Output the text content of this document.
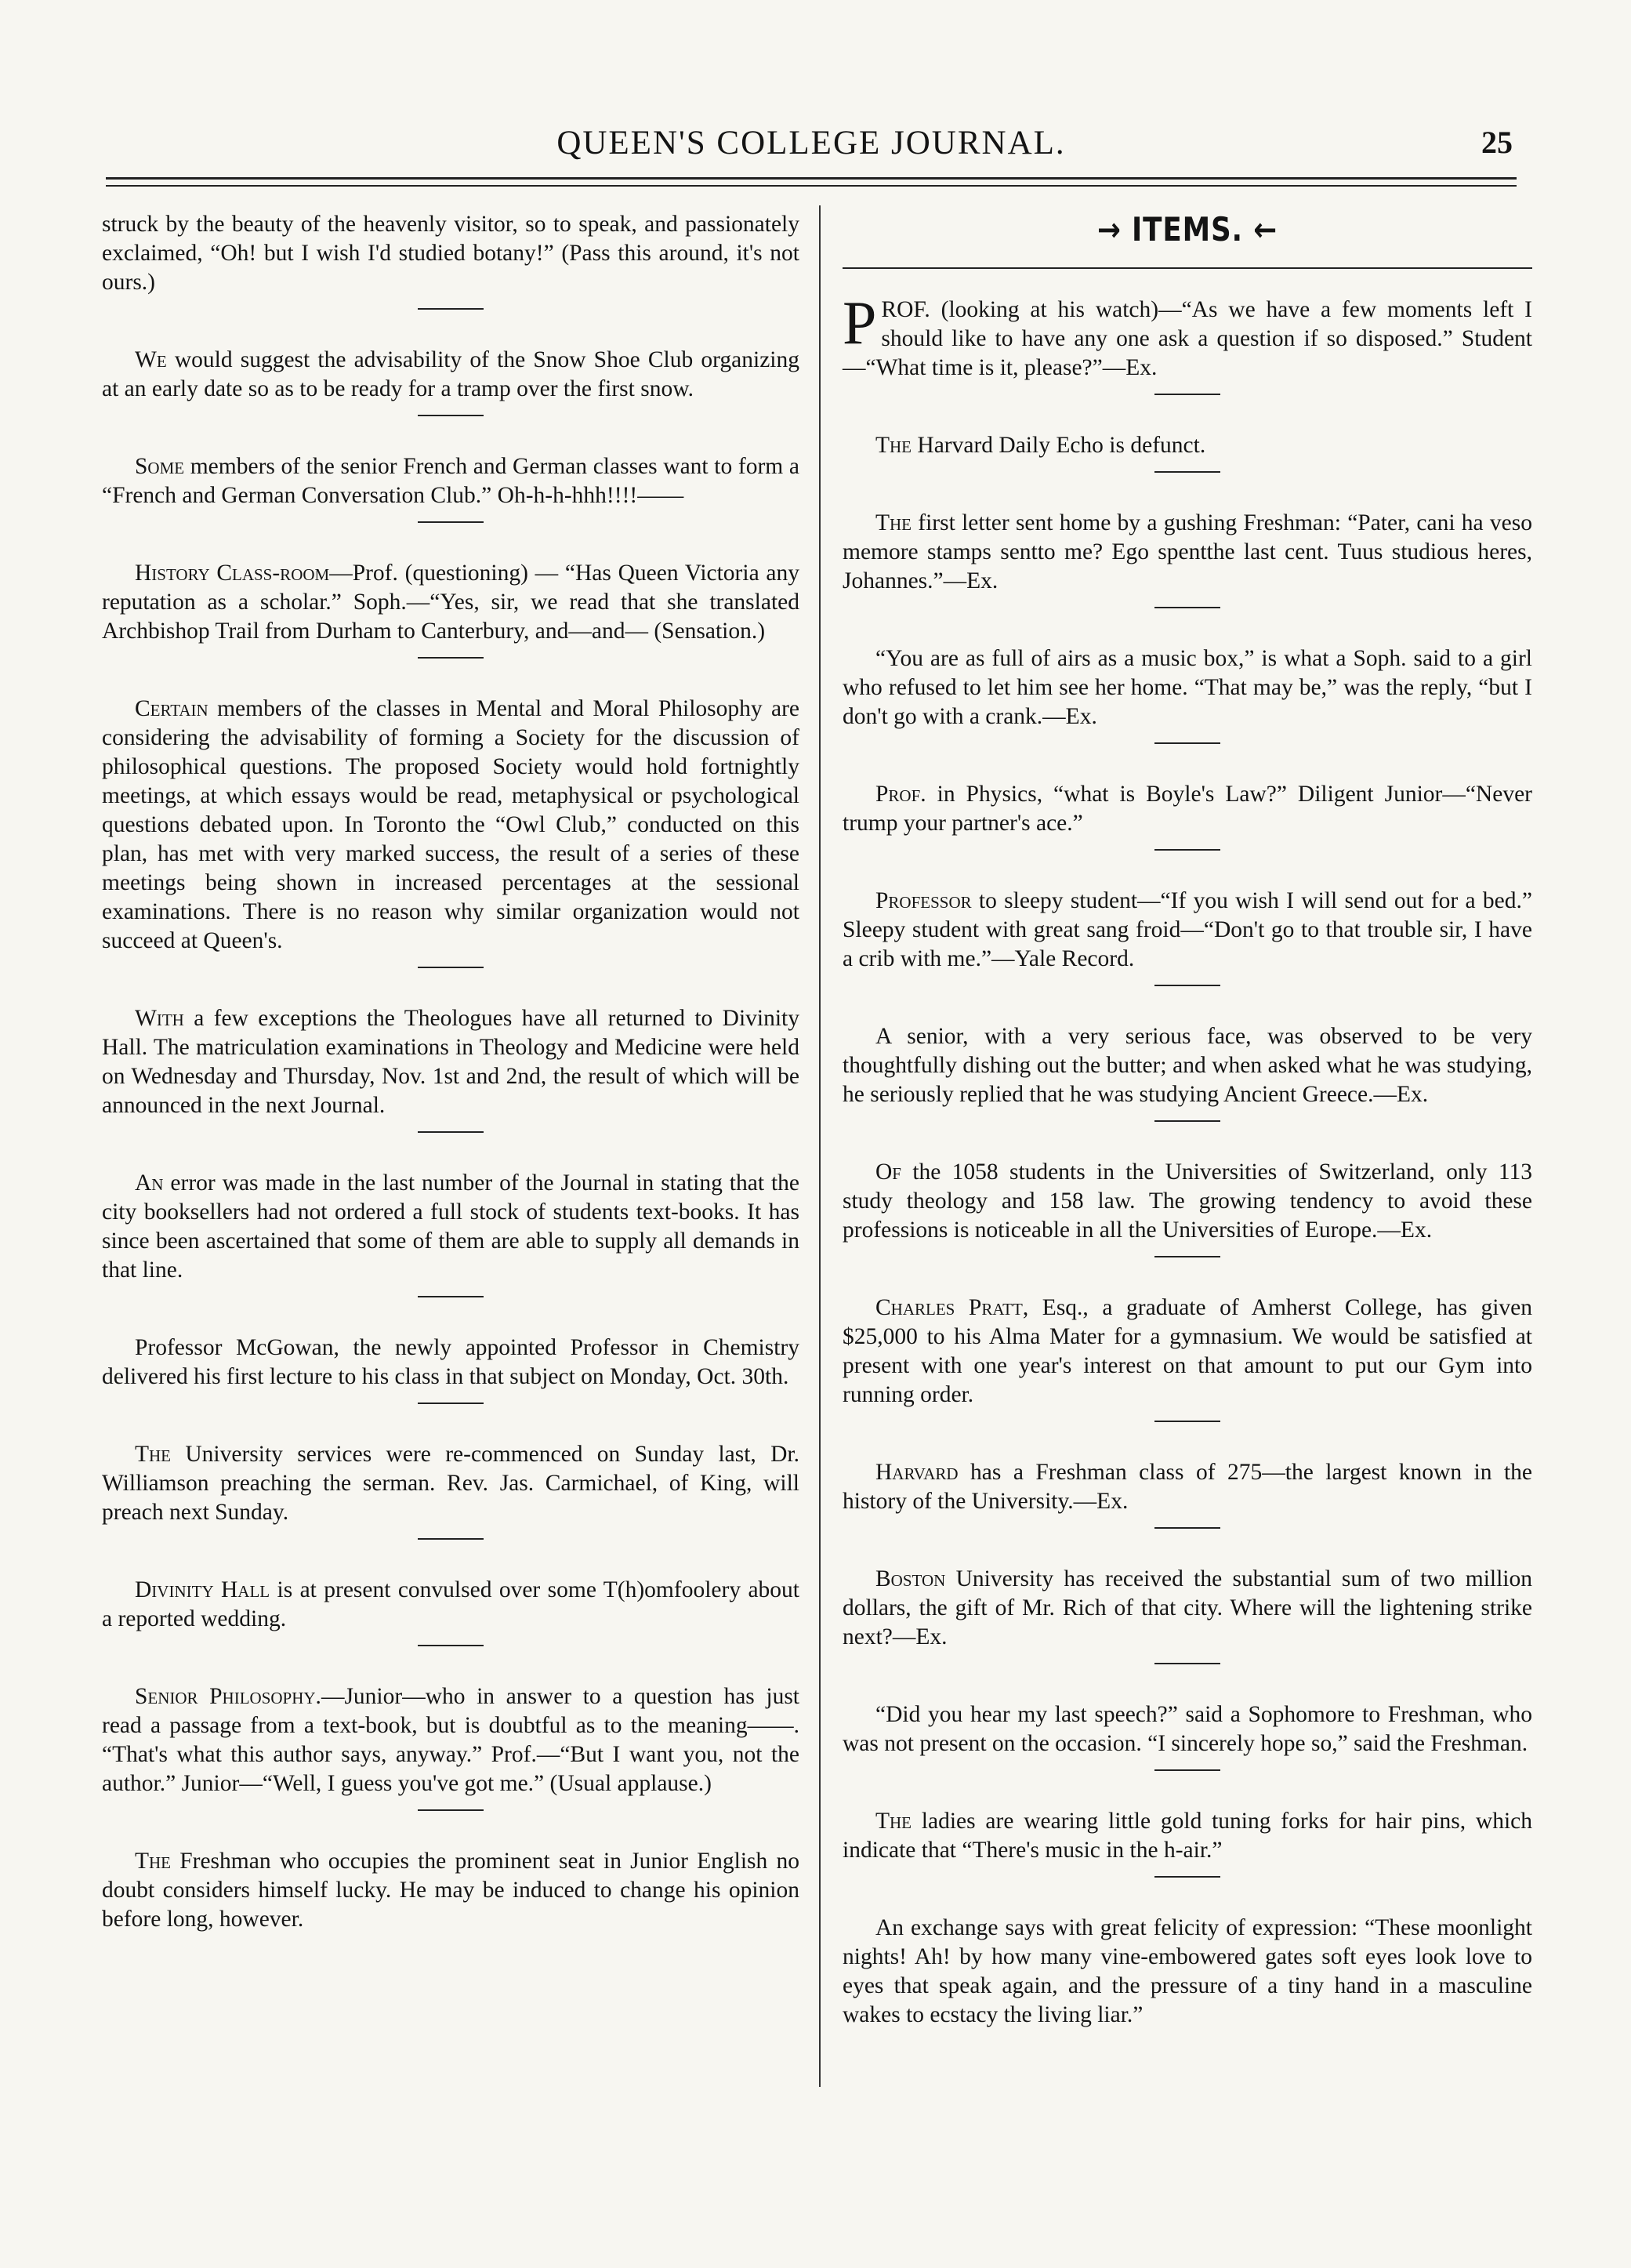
QUEEN'S COLLEGE JOURNAL.	25

struck by the beauty of the heavenly visitor, so to speak, and passionately exclaimed, “Oh! but I wish I'd studied botany!” (Pass this around, it's not ours.)

We would suggest the advisability of the Snow Shoe Club organizing at an early date so as to be ready for a tramp over the first snow.

Some members of the senior French and German classes want to form a “French and German Conversation Club.” Oh-h-h-hhh!!!!——

History Class-room—Prof. (questioning) — “Has Queen Victoria any reputation as a scholar.” Soph.—“Yes, sir, we read that she translated Archbishop Trail from Durham to Canterbury, and—and— (Sensation.)

Certain members of the classes in Mental and Moral Philosophy are considering the advisability of forming a Society for the discussion of philosophical questions. The proposed Society would hold fortnightly meetings, at which essays would be read, metaphysical or psychological questions debated upon. In Toronto the “Owl Club,” conducted on this plan, has met with very marked success, the result of a series of these meetings being shown in increased percentages at the sessional examinations. There is no reason why similar organization would not succeed at Queen's.

With a few exceptions the Theologues have all returned to Divinity Hall. The matriculation examinations in Theology and Medicine were held on Wednesday and Thursday, Nov. 1st and 2nd, the result of which will be announced in the next Journal.

An error was made in the last number of the Journal in stating that the city booksellers had not ordered a full stock of students text-books. It has since been ascertained that some of them are able to supply all demands in that line.

Professor McGowan, the newly appointed Professor in Chemistry delivered his first lecture to his class in that subject on Monday, Oct. 30th.

The University services were re-commenced on Sunday last, Dr. Williamson preaching the serman. Rev. Jas. Carmichael, of King, will preach next Sunday.

Divinity Hall is at present convulsed over some T(h)omfoolery about a reported wedding.

Senior Philosophy.—Junior—who in answer to a question has just read a passage from a text-book, but is doubtful as to the meaning——. “That's what this author says, anyway.” Prof.—“But I want you, not the author.” Junior—“Well, I guess you've got me.” (Usual applause.)

The Freshman who occupies the prominent seat in Junior English no doubt considers himself lucky. He may be induced to change his opinion before long, however.

→ ITEMS. ←

PROF. (looking at his watch)—“As we have a few moments left I should like to have any one ask a question if so disposed.” Student—“What time is it, please?”—Ex.

The Harvard Daily Echo is defunct.

The first letter sent home by a gushing Freshman: “Pater, cani ha veso memore stamps sentto me? Ego spentthe last cent. Tuus studious heres, Johannes.”—Ex.

“You are as full of airs as a music box,” is what a Soph. said to a girl who refused to let him see her home. “That may be,” was the reply, “but I don't go with a crank.—Ex.

Prof. in Physics, “what is Boyle's Law?” Diligent Junior—“Never trump your partner's ace.”

Professor to sleepy student—“If you wish I will send out for a bed.” Sleepy student with great sang froid—“Don't go to that trouble sir, I have a crib with me.”—Yale Record.

A senior, with a very serious face, was observed to be very thoughtfully dishing out the butter; and when asked what he was studying, he seriously replied that he was studying Ancient Greece.—Ex.

Of the 1058 students in the Universities of Switzerland, only 113 study theology and 158 law. The growing tendency to avoid these professions is noticeable in all the Universities of Europe.—Ex.

Charles Pratt, Esq., a graduate of Amherst College, has given $25,000 to his Alma Mater for a gymnasium. We would be satisfied at present with one year's interest on that amount to put our Gym into running order.

Harvard has a Freshman class of 275—the largest known in the history of the University.—Ex.

Boston University has received the substantial sum of two million dollars, the gift of Mr. Rich of that city. Where will the lightening strike next?—Ex.

“Did you hear my last speech?” said a Sophomore to Freshman, who was not present on the occasion. “I sincerely hope so,” said the Freshman.

The ladies are wearing little gold tuning forks for hair pins, which indicate that “There's music in the h-air.”

An exchange says with great felicity of expression: “These moonlight nights! Ah! by how many vine-embowered gates soft eyes look love to eyes that speak again, and the pressure of a tiny hand in a masculine wakes to ecstacy the living liar.”
